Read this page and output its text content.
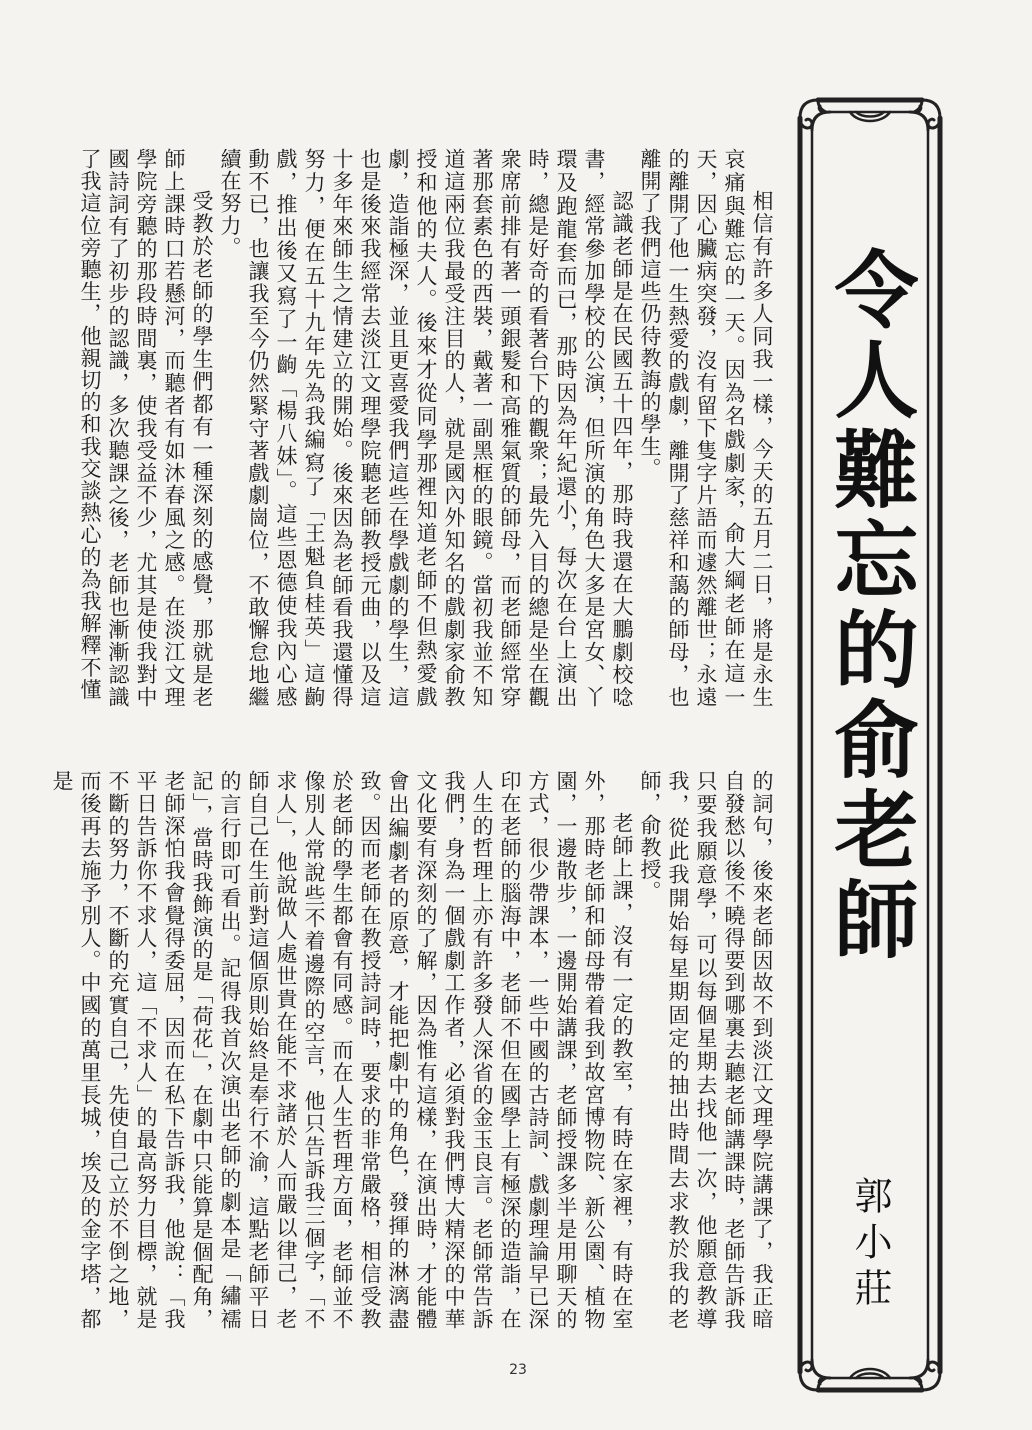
令人難忘的俞老師
郭小莊

相信有許多人同我一樣，今天的五月二日，將是永生哀痛與難忘的一天。因為名戲劇家，俞大綱老師在這一天，因心臟病突發，沒有留下隻字片語而遽然離世；永遠的離開了他一生熱愛的戲劇，離開了慈祥和藹的師母，也離開了我們這些仍待教誨的學生。

認識老師是在民國五十四年，那時我還在大鵬劇校唸書，經常參加學校的公演，但所演的角色大多是宮女、丫環及跑龍套而已，那時因為年紀還小，每次在台上演出時，總是好奇的看著台下的觀衆；最先入目的總是坐在觀衆席前排有著一頭銀髮和高雅氣質的師母，而老師經常穿著那套素色的西裝，戴著一副黑框的眼鏡。當初我並不知道這兩位我最受注目的人，就是國內外知名的戲劇家俞教授和他的夫人。後來才從同學那裡知道老師不但熱愛戲劇，造詣極深，並且更喜愛我們這些在學戲劇的學生，這也是後來我經常去淡江文理學院聽老師教授元曲，以及這十多年來師生之情建立的開始。後來因為老師看我還懂得努力，便在五十九年先為我編寫了「王魁負桂英」這齣戲，推出後又寫了一齣「楊八妹」。這些恩德使我內心感動不已，也讓我至今仍然緊守著戲劇崗位，不敢懈怠地繼續在努力。

受教於老師的學生們都有一種深刻的感覺，那就是老師上課時口若懸河，而聽者有如沐春風之感。在淡江文理學院旁聽的那段時間裏，使我受益不少，尤其是使我對中國詩詞有了初步的認識，多次聽課之後，老師也漸漸認識了我這位旁聽生，他親切的和我交談熱心的為我解釋不懂

的詞句，後來老師因故不到淡江文理學院講課了，我正暗自發愁以後不曉得要到哪裏去聽老師講課時，老師告訴我只要我願意學，可以每個星期去找他一次，他願意教導我，從此我開始每星期固定的抽出時間去求教於我的老師，俞教授。

老師上課，沒有一定的教室，有時在家裡，有時在室外，那時老師和師母帶着我到故宮博物院、新公園、植物園，一邊散步，一邊開始講課，老師授課多半是用聊天的方式，很少帶課本，一些中國的古詩詞、戲劇理論早已深印在老師的腦海中，老師不但在國學上有極深的造詣，在人生的哲理上亦有許多發人深省的金玉良言。老師常告訴我們，身為一個戲劇工作者，必須對我們博大精深的中華文化要有深刻的了解，因為惟有這樣，在演出時，才能體會出編劇者的原意，才能把劇中的角色，發揮的淋漓盡致。因而老師在教授詩詞時，要求的非常嚴格，相信受教於老師的學生都會有同感。而在人生哲理方面，老師並不像別人常說些不着邊際的空言，他只告訴我三個字，「不求人」，他說做人處世貴在能不求諸於人而嚴以律己，老師自己在生前對這個原則始終是奉行不渝，這點老師平日的言行即可看出。記得我首次演出老師的劇本是「繡襦記」，當時我飾演的是「荷花」，在劇中只能算是個配角，老師深怕我會覺得委屈，因而在私下告訴我，他說：「我平日告訴你不求人，這「不求人」的最高努力目標，就是不斷的努力，不斷的充實自己，先使自己立於不倒之地，而後再去施予別人。中國的萬里長城，埃及的金字塔，都是

23
